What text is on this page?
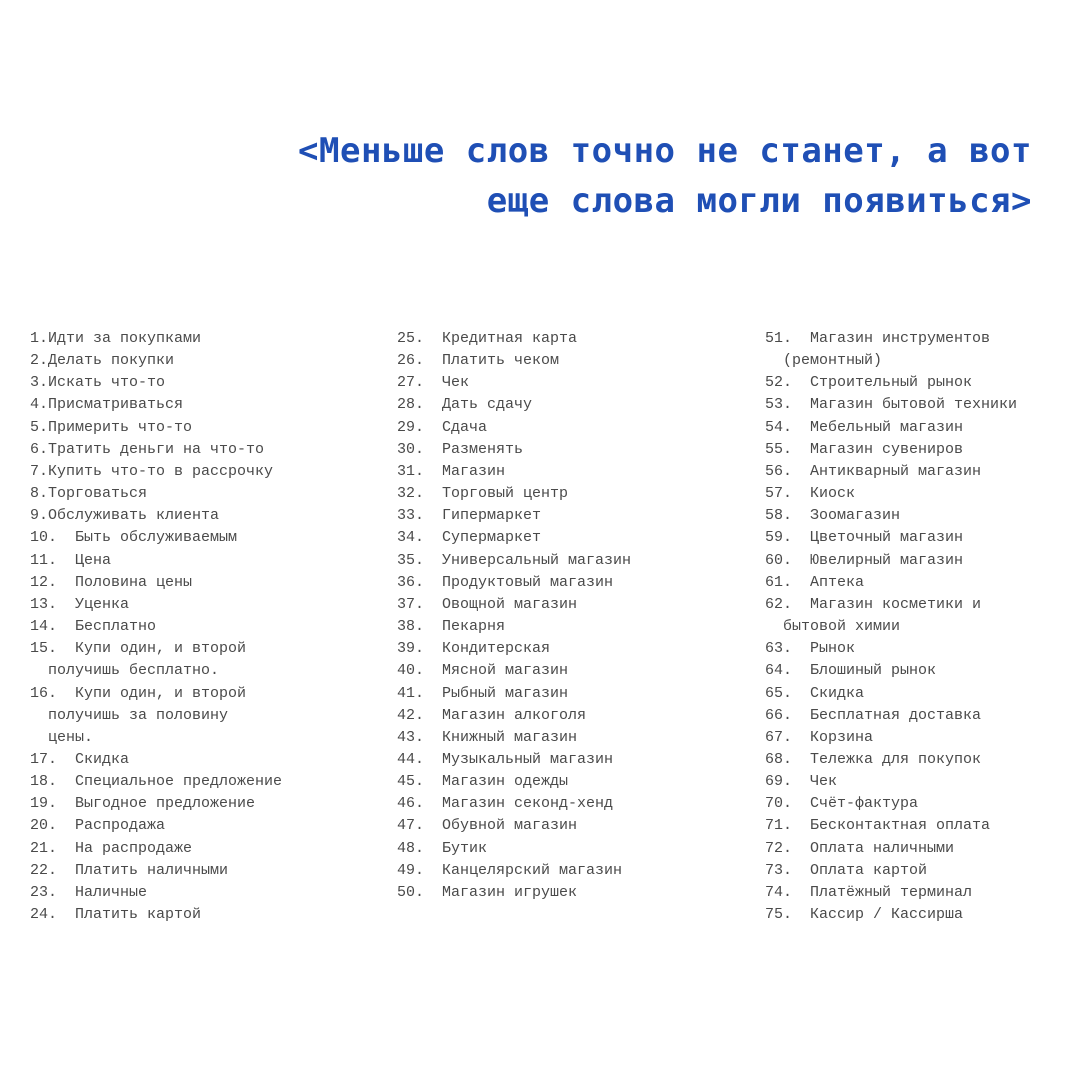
<Меньше слов точно не станет, а вот
еще слова могли появиться>
1.Идти за покупками
2.Делать покупки
3.Искать что-то
4.Присматриваться
5.Примерить что-то
6.Тратить деньги на что-то
7.Купить что-то в рассрочку
8.Торговаться
9.Обслуживать клиента
10.  Быть обслуживаемым
11.  Цена
12.  Половина цены
13.  Уценка
14.  Бесплатно
15.  Купи один, и второй
получишь бесплатно.
16.  Купи один, и второй
получишь за половину
цены.
17.  Скидка
18.  Специальное предложение
19.  Выгодное предложение
20.  Распродажа
21.  На распродаже
22.  Платить наличными
23.  Наличные
24.  Платить картой
25.  Кредитная карта
26.  Платить чеком
27.  Чек
28.  Дать сдачу
29.  Сдача
30.  Разменять
31.  Магазин
32.  Торговый центр
33.  Гипермаркет
34.  Супермаркет
35.  Универсальный магазин
36.  Продуктовый магазин
37.  Овощной магазин
38.  Пекарня
39.  Кондитерская
40.  Мясной магазин
41.  Рыбный магазин
42.  Магазин алкоголя
43.  Книжный магазин
44.  Музыкальный магазин
45.  Магазин одежды
46.  Магазин секонд-хенд
47.  Обувной магазин
48.  Бутик
49.  Канцелярский магазин
50.  Магазин игрушек
51.  Магазин инструментов
(ремонтный)
52.  Строительный рынок
53.  Магазин бытовой техники
54.  Мебельный магазин
55.  Магазин сувениров
56.  Антикварный магазин
57.  Киоск
58.  Зоомагазин
59.  Цветочный магазин
60.  Ювелирный магазин
61.  Аптека
62.  Магазин косметики и
бытовой химии
63.  Рынок
64.  Блошиный рынок
65.  Скидка
66.  Бесплатная доставка
67.  Корзина
68.  Тележка для покупок
69.  Чек
70.  Счёт-фактура
71.  Бесконтактная оплата
72.  Оплата наличными
73.  Оплата картой
74.  Платёжный терминал
75.  Кассир / Кассирша
